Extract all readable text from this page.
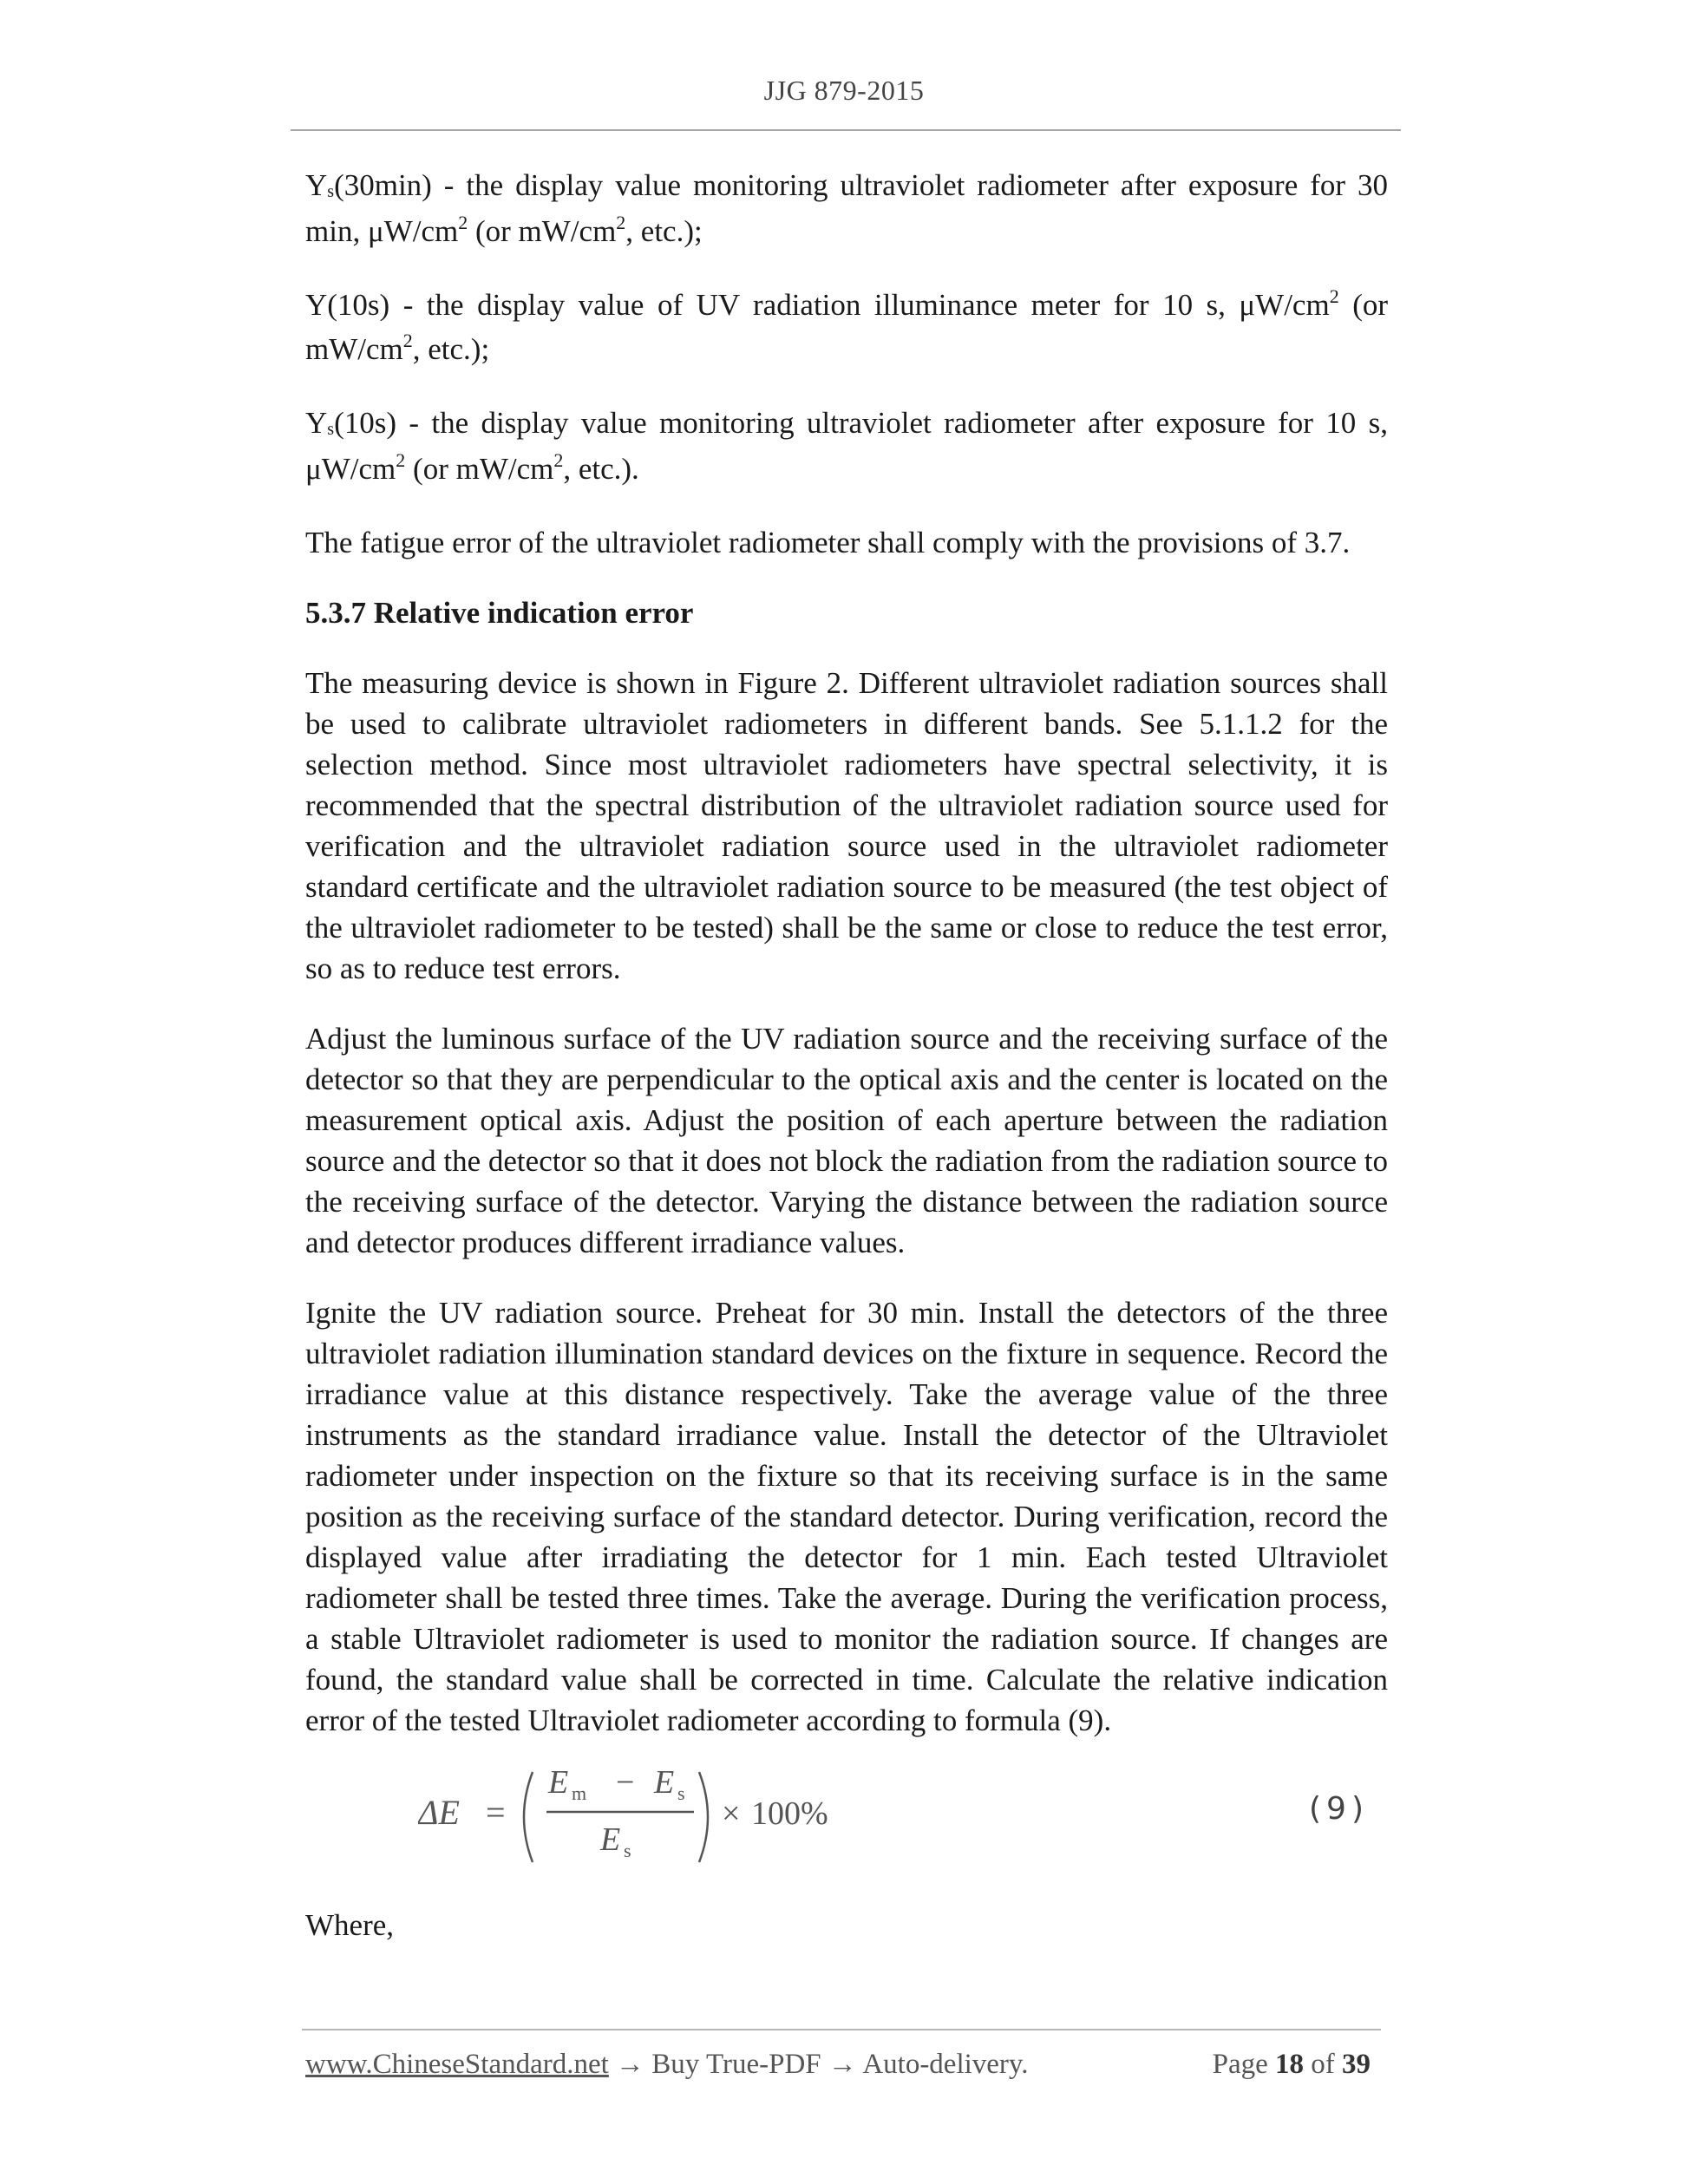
JJG 879-2015

$Y_s(30\min)$ - the display value monitoring ultraviolet radiometer after exposure for 30 min, $\mu W/cm^2$ (or $mW/cm^2$, etc.);

Y(10s) - the display value of UV radiation illuminance meter for 10 s, $\mu W/cm^2$ (or $mW/cm^2$, etc.);

$Y_s(10s)$ - the display value monitoring ultraviolet radiometer after exposure for 10 s, $\mu W/cm^2$ (or $mW/cm^2$, etc.).

The fatigue error of the ultraviolet radiometer shall comply with the provisions of 3.7.

5.3.7 Relative indication error

The measuring device is shown in Figure 2. Different ultraviolet radiation sources shall be used to calibrate ultraviolet radiometers in different bands. See 5.1.1.2 for the selection method. Since most ultraviolet radiometers have spectral selectivity, it is recommended that the spectral distribution of the ultraviolet radiation source used for verification and the ultraviolet radiation source used in the ultraviolet radiometer standard certificate and the ultraviolet radiation source to be measured (the test object of the ultraviolet radiometer to be tested) shall be the same or close to reduce the test error, so as to reduce test errors.

Adjust the luminous surface of the UV radiation source and the receiving surface of the detector so that they are perpendicular to the optical axis and the center is located on the measurement optical axis. Adjust the position of each aperture between the radiation source and the detector so that it does not block the radiation from the radiation source to the receiving surface of the detector. Varying the distance between the radiation source and detector produces different irradiance values.

Ignite the UV radiation source. Preheat for 30 min. Install the detectors of the three ultraviolet radiation illumination standard devices on the fixture in sequence. Record the irradiance value at this distance respectively. Take the average value of the three instruments as the standard irradiance value. Install the detector of the Ultraviolet radiometer under inspection on the fixture so that its receiving surface is in the same position as the receiving surface of the standard detector. During verification, record the displayed value after irradiating the detector for 1 min. Each tested Ultraviolet radiometer shall be tested three times. Take the average. During the verification process, a stable Ultraviolet radiometer is used to monitor the radiation source. If changes are found, the standard value shall be corrected in time. Calculate the relative indication error of the tested Ultraviolet radiometer according to formula (9).

ΔE =
E m − E s
E s
× 100%	(9)
Where,
www.ChineseStandard.net → Buy True-PDF → Auto-delivery.	Page 18 of 39
